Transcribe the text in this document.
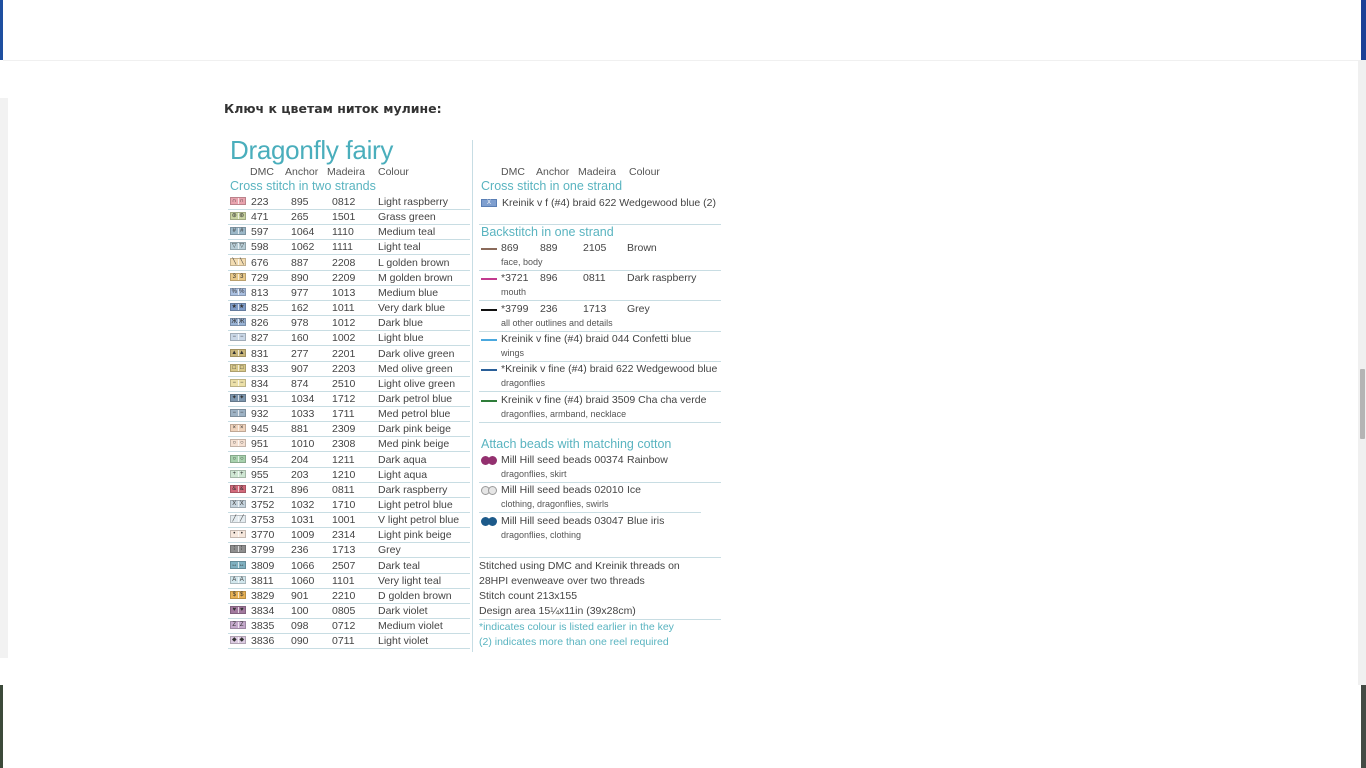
Ключ к цветам ниток мулине:
Dragonfly fairy
DMC Anchor Madeira Colour
Cross stitch in two strands
∩ ∩ 223 895 0812 Light raspberry
⊛ ⊛ 471 265 1501 Grass green
# # 597 1064 1110 Medium teal
▽ ▽ 598 1062 1111 Light teal
╲ ╲ 676 887 2208 L golden brown
3 3 729 890 2209 M golden brown
% % 813 977 1013 Medium blue
★ ★ 825 162 1011 Very dark blue
Ж Ж 826 978 1012 Dark blue
− − 827 160 1002 Light blue
▲ ▲ 831 277 2201 Dark olive green
□ □ 833 907 2203 Med olive green
− − 834 874 2510 Light olive green
✦ ✦ 931 1034 1712 Dark petrol blue
− − 932 1033 1711 Med petrol blue
× × 945 881 2309 Dark pink beige
○ ○ 951 1010 2308 Med pink beige
○ ○ 954 204 1211 Dark aqua
+ + 955 203 1210 Light aqua
& & 3721 896 0811 Dark raspberry
X X 3752 1032 1710 Light petrol blue
╱ ╱ 3753 1031 1001 V light petrol blue
• • 3770 1009 2314 Light pink beige
⁞ ⁞ 3799 236 1713 Grey
↔ ↔ 3809 1066 2507 Dark teal
A A 3811 1060 1101 Very light teal
$ $ 3829 901 2210 D golden brown
♥ ♥ 3834 100 0805 Dark violet
Z Z 3835 098 0712 Medium violet
◆ ◆ 3836 090 0711 Light violet
DMC Anchor Madeira Colour
Cross stitch in one strand
X	Kreinik v f (#4) braid 622 Wedgewood blue (2)
Backstitch in one strand
869 889 2105 Brown
face, body
*3721 896 0811 Dark raspberry
mouth
*3799 236 1713 Grey
all other outlines and details
Kreinik v fine (#4) braid 044 Confetti blue
wings
*Kreinik v fine (#4) braid 622 Wedgewood blue
dragonflies
Kreinik v fine (#4) braid 3509 Cha cha verde
dragonflies, armband, necklace
Attach beads with matching cotton
Mill Hill seed beads 00374 Rainbow
dragonflies, skirt
Mill Hill seed beads 02010 Ice
clothing, dragonflies, swirls
Mill Hill seed beads 03047 Blue iris
dragonflies, clothing
Stitched using DMC and Kreinik threads on
28HPI evenweave over two threads
Stitch count 213x155
Design area 15¼x11in (39x28cm)
*indicates colour is listed earlier in the key
(2) indicates more than one reel required
